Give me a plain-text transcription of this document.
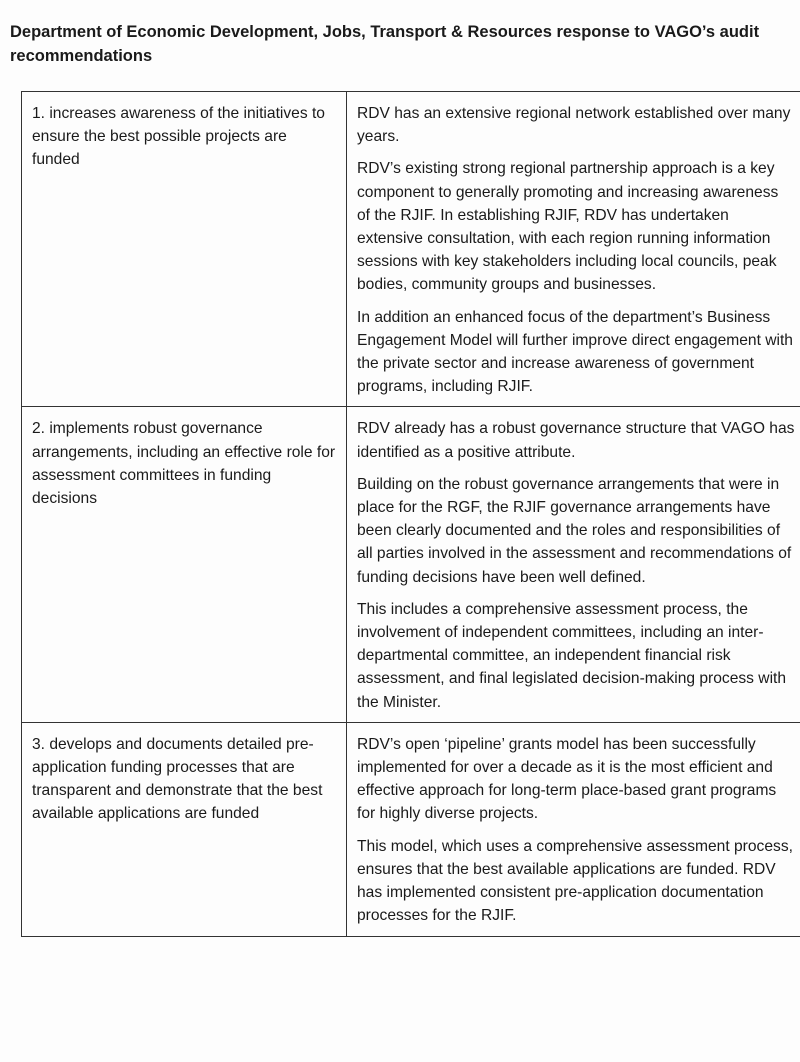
Department of Economic Development, Jobs, Transport & Resources response to VAGO’s audit
recommendations
1. increases awareness of the initiatives to ensure the best possible projects are funded	RDV has an extensive regional network established over many years.

RDV’s existing strong regional partnership approach is a key component to generally promoting and increasing awareness of the RJIF. In establishing RJIF, RDV has undertaken extensive consultation, with each region running information sessions with key stakeholders including local councils, peak bodies, community groups and businesses.

In addition an enhanced focus of the department’s Business Engagement Model will further improve direct engagement with the private sector and increase awareness of government programs, including RJIF.

2. implements robust governance arrangements, including an effective role for assessment committees in funding decisions	RDV already has a robust governance structure that VAGO has identified as a positive attribute.

Building on the robust governance arrangements that were in place for the RGF, the RJIF governance arrangements have been clearly documented and the roles and responsibilities of all parties involved in the assessment and recommendations of funding decisions have been well defined.

This includes a comprehensive assessment process, the involvement of independent committees, including an inter-departmental committee, an independent financial risk assessment, and final legislated decision-making process with the Minister.

3. develops and documents detailed pre-application funding processes that are transparent and demonstrate that the best available applications are funded	RDV’s open ‘pipeline’ grants model has been successfully implemented for over a decade as it is the most efficient and effective approach for long-term place-based grant programs for highly diverse projects.

This model, which uses a comprehensive assessment process, ensures that the best available applications are funded. RDV has implemented consistent pre-application documentation processes for the RJIF.
